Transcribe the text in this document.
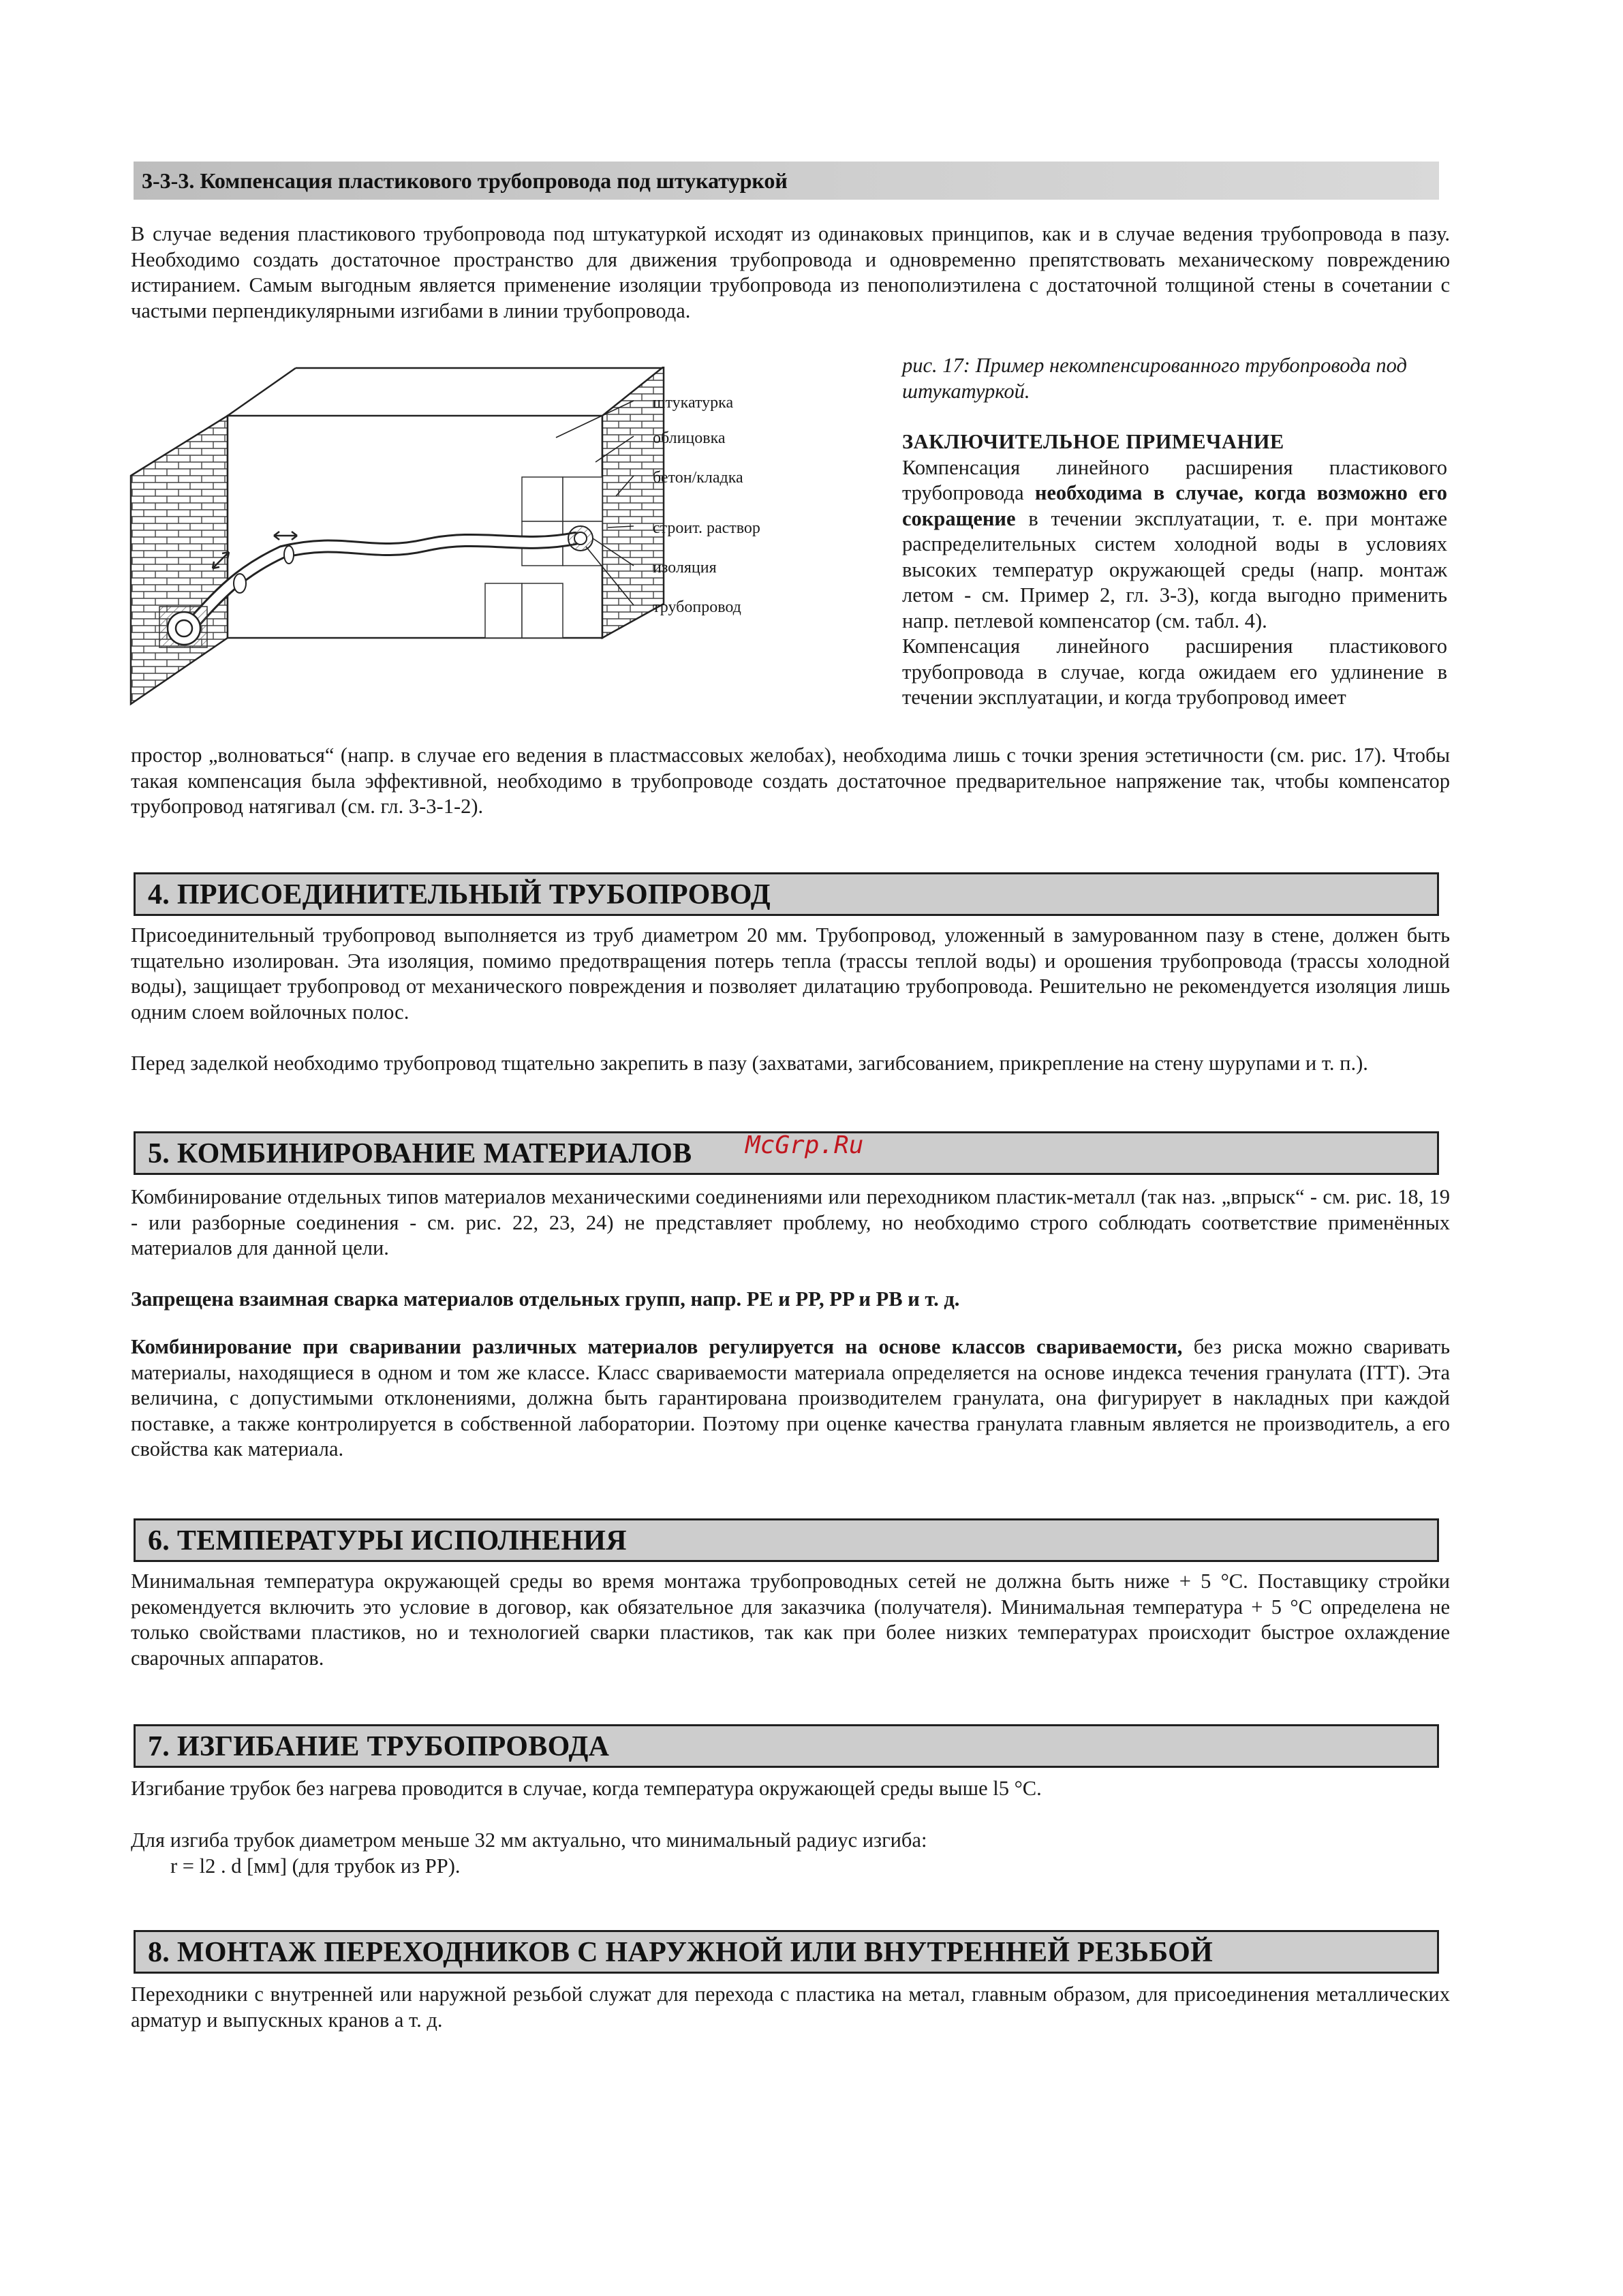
3-3-3. Компенсация пластикового трубопровода под штукатуркой

В случае ведения пластикового трубопровода под штукатуркой исходят из одинаковых принципов, как и в случае ведения трубопровода в пазу. Необходимо создать достаточное пространство для движения трубопровода и одновременно препятствовать механическому повреждению истиранием. Самым выгодным является применение изоляции трубопровода из пенополиэтилена с достаточной толщиной стены в сочетании с частыми перпендикулярными изгибами в линии трубопровода.

штукатурка
облицовка
бетон/кладка
строит. раствор
изоляция
трубопровод
рис. 17: Пример некомпенсированного трубопровода под штукатуркой.
ЗАКЛЮЧИТЕЛЬНОЕ ПРИМЕЧАНИЕ
Компенсация линейного расширения пластикового трубопровода необходима в случае, когда возможно его сокращение в течении эксплуатации, т. е. при монтаже распределительных систем холодной воды в условиях высоких температур окружающей среды (напр. монтаж летом - см. Пример 2, гл. 3-3), когда выгодно применить напр. петлевой компенсатор (см. табл. 4).
Компенсация линейного расширения пластикового трубопровода в случае, когда ожидаем его удлинение в течении эксплуатации, и когда трубопровод имеет

простор „волноваться“ (напр. в случае его ведения в пластмассовых желобах), необходима лишь с точки зрения эстетичности (см. рис. 17). Чтобы такая компенсация была эффективной, необходимо в трубопроводе создать достаточное предварительное напряжение так, чтобы компенсатор трубопровод натягивал (см. гл. 3-3-1-2).

4. ПРИСОЕДИНИТЕЛЬНЫЙ ТРУБОПРОВОД

Присоединительный трубопровод выполняется из труб диаметром 20 мм. Трубопровод, уложенный в замурованном пазу в стене, должен быть тщательно изолирован. Эта изоляция, помимо предотвращения потерь тепла (трассы теплой воды) и орошения трубопровода (трассы холодной воды), защищает трубопровод от механического повреждения и позволяет дилатацию трубопровода. Решительно не рекомендуется изоляция лишь одним слоем войлочных полос.

Перед заделкой необходимо трубопровод тщательно закрепить в пазу (захватами, загибсованием, прикрепление на стену шурупами и т. п.).

5. КОМБИНИРОВАНИЕ МАТЕРИАЛОВ	McGrp.Ru

Комбинирование отдельных типов материалов механическими соединениями или переходником пластик-металл (так наз. „впрыск“ - см. рис. 18, 19 - или разборные соединения - см. рис. 22, 23, 24) не представляет проблему, но необходимо строго соблюдать соответствие применённых материалов для данной цели.

Запрещена взаимная сварка материалов отдельных групп, напр. PE и PP, PP и PB и т. д.

Комбинирование при сваривании различных материалов регулируется на основе классов свариваемости, без риска можно сваривать материалы, находящиеся в одном и том же классе. Класс свариваемости материала определяется на основе индекса течения гранулата (ITT). Эта величина, с допустимыми отклонениями, должна быть гарантирована производителем гранулата, она фигурирует в накладных при каждой поставке, а также контролируется в собственной лаборатории. Поэтому при оценке качества гранулата главным является не производитель, а его свойства как материала.

6. ТЕМПЕРАТУРЫ ИСПОЛНЕНИЯ

Минимальная температура окружающей среды во время монтажа трубопроводных сетей не должна быть ниже + 5 °C. Поставщику стройки рекомендуется включить это условие в договор, как обязательное для заказчика (получателя). Минимальная температура + 5 °C определена не только свойствами пластиков, но и технологией сварки пластиков, так как при более низких температурах происходит быстрое охлаждение сварочных аппаратов.

7. ИЗГИБАНИЕ ТРУБОПРОВОДА

Изгибание трубок без нагрева проводится в случае, когда температура окружающей среды выше l5 °C.

Для изгиба трубок диаметром меньше 32 мм актуально, что минимальный радиус изгиба:

r = l2 . d [мм] (для трубок из PP).

8. МОНТАЖ ПЕРЕХОДНИКОВ С НАРУЖНОЙ ИЛИ ВНУТРЕННЕЙ РЕЗЬБОЙ

Переходники с внутренней или наружной резьбой служат для перехода с пластика на метал, главным образом, для присоединения металлических арматур и выпускных кранов а т. д.
